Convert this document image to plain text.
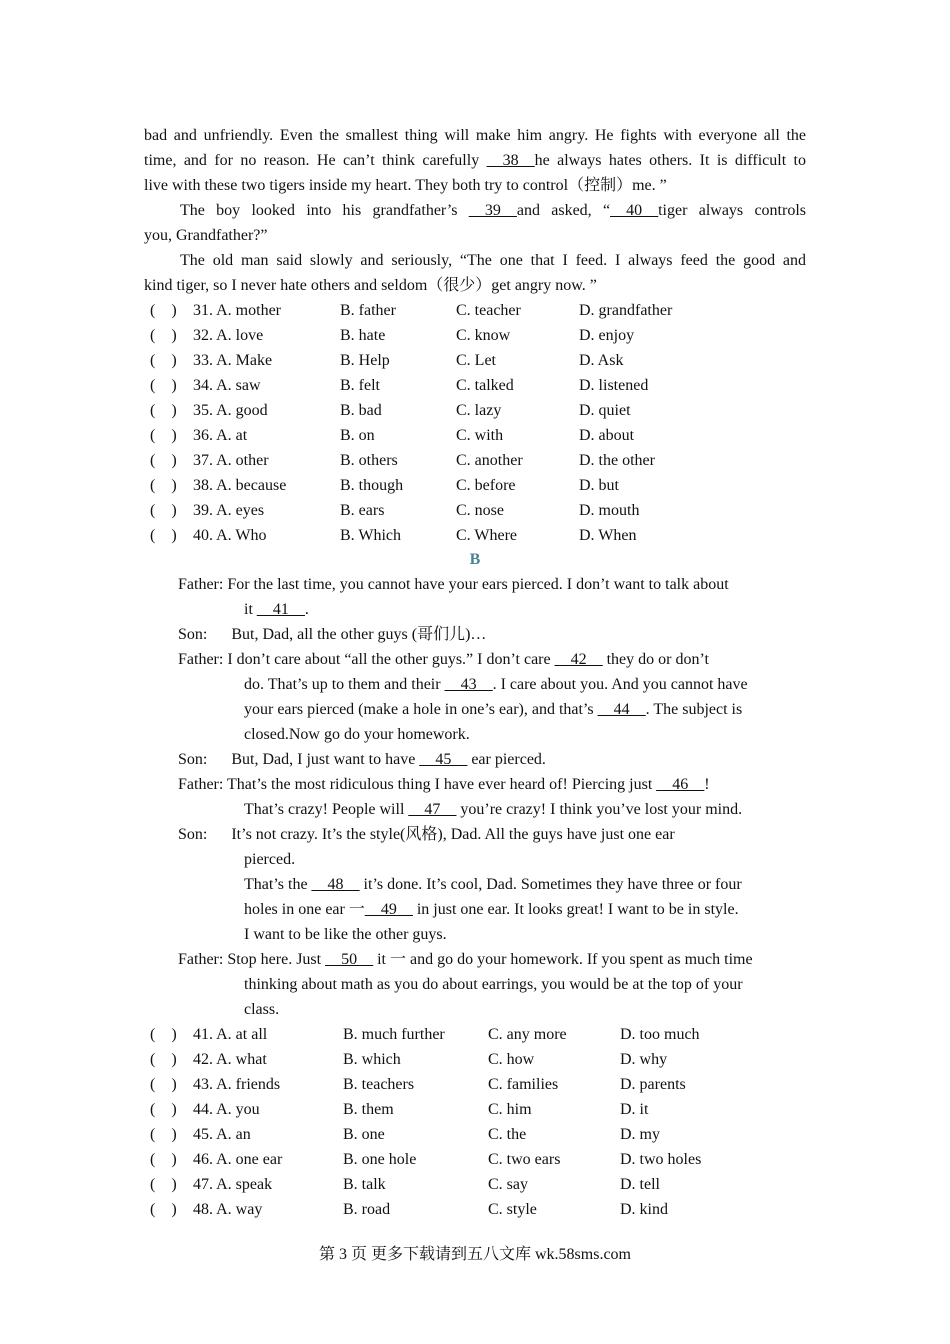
B
第 3 页 更多下载请到五八文库 wk.58sms.com
bad and unfriendly. Even the smallest thing will make him angry. He fights with everyone all the
time, and for no reason. He can’t think carefully __38__he always hates others. It is difficult to
live with these two tigers inside my heart. They both try to control（控制）me. ”
The boy looked into his grandfather’s __39__and asked, “__40__tiger always controls
you, Grandfather?”
The old man said slowly and seriously, “The one that I feed. I always feed the good and
kind tiger, so I never hate others and seldom（很少）get angry now. ”
(　) 31. A. mother	B. father	C. teacher	D. grandfather
(　) 32. A. love	B. hate	C. know	D. enjoy
(　) 33. A. Make	B. Help	C. Let	D. Ask
(　) 34. A. saw	B. felt	C. talked	D. listened
(　) 35. A. good	B. bad	C. lazy	D. quiet
(　) 36. A. at	B. on	C. with	D. about
(　) 37. A. other	B. others	C. another	D. the other
(　) 38. A. because	B. though	C. before	D. but
(　) 39. A. eyes	B. ears	C. nose	D. mouth
(　) 40. A. Who	B. Which	C. Where	D. When
Father: For the last time, you cannot have your ears pierced. I don’t want to talk about
it __41__.
Son:      But, Dad, all the other guys (哥们儿)…
Father: I don’t care about “all the other guys.” I don’t care __42__ they do or don’t
do. That’s up to them and their __43__. I care about you. And you cannot have
your ears pierced (make a hole in one’s ear), and that’s __44__. The subject is
closed.Now go do your homework.
Son:      But, Dad, I just want to have __45__ ear pierced.
Father: That’s the most ridiculous thing I have ever heard of! Piercing just __46__!
That’s crazy! People will __47__ you’re crazy! I think you’ve lost your mind.
Son:      It’s not crazy. It’s the style(风格), Dad. All the guys have just one ear
pierced.
That’s the __48__ it’s done. It’s cool, Dad. Sometimes they have three or four
holes in one ear 一__49__ in just one ear. It looks great! I want to be in style.
I want to be like the other guys.
Father: Stop here. Just __50__ it 一 and go do your homework. If you spent as much time
thinking about math as you do about earrings, you would be at the top of your
class.
(　) 41. A. at all	B. much further	C. any more	D. too much
(　) 42. A. what	B. which	C. how	D. why
(　) 43. A. friends	B. teachers	C. families	D. parents
(　) 44. A. you	B. them	C. him	D. it
(　) 45. A. an	B. one	C. the	D. my
(　) 46. A. one ear	B. one hole	C. two ears	D. two holes
(　) 47. A. speak	B. talk	C. say	D. tell
(　) 48. A. way	B. road	C. style	D. kind
